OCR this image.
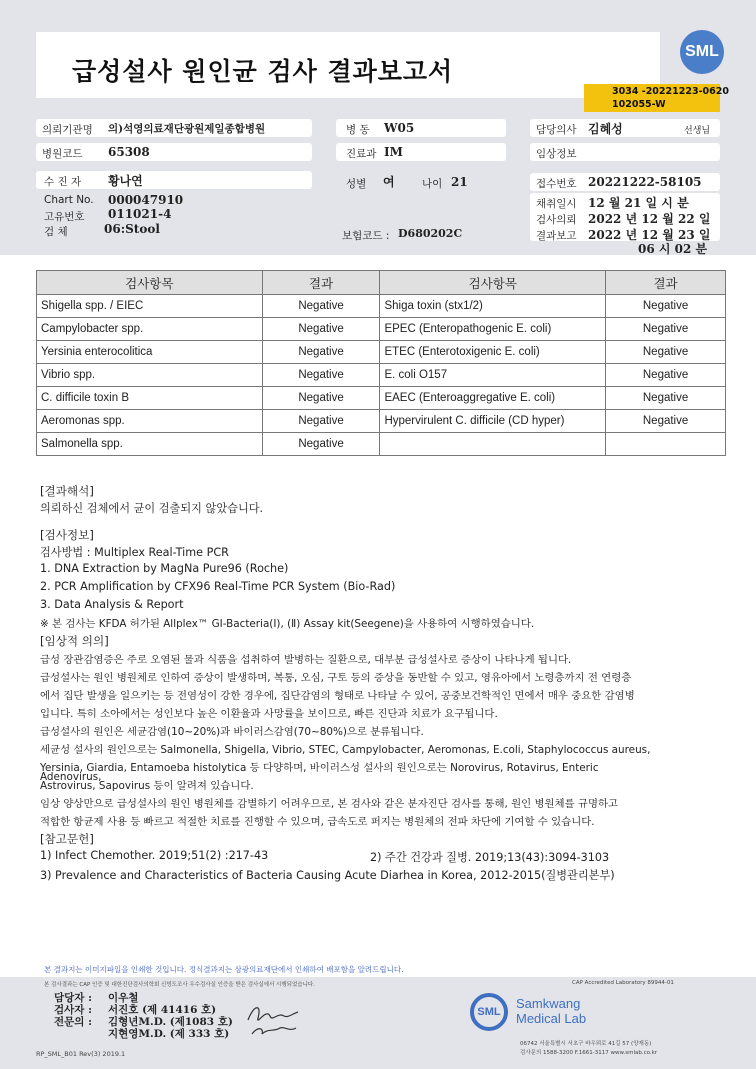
급성설사 원인균 검사 결과보고서
SML
3034 -20221223-0620
102055-W
의뢰기관명 의)석영의료재단광원제일종합병원	병 동 W05	담당의사 김혜성	선생님
병원코드 65308	진료과 IM	임상정보
수 진 자 황나연	성별 여	나이 21	접수번호 20221222-58105
Chart No. 000047910
고유번호 011021-4
검 체	06:Stool	보험코드 : D680202C
채취일시 12 월 21 일 시 분
검사의뢰 2022 년 12 월 22 일
결과보고 2022 년 12 월 23 일
06 시 02 분
검사항목	결과	검사항목	결과
Shigella spp. / EIEC	Negative	Shiga toxin (stx1/2)	Negative
Campylobacter spp.	Negative	EPEC (Enteropathogenic E. coli)	Negative
Yersinia enterocolitica	Negative	ETEC (Enterotoxigenic E. coli)	Negative
Vibrio spp.	Negative	E. coli O157	Negative
C. difficile toxin B	Negative	EAEC (Enteroaggregative E. coli)	Negative
Aeromonas spp.	Negative	Hypervirulent C. difficile (CD hyper)	Negative
Salmonella spp.	Negative		
[결과해석]
의뢰하신 검체에서 균이 검출되지 않았습니다.
[검사정보]
검사방법 : Multiplex Real-Time PCR
1. DNA Extraction by MagNa Pure96 (Roche)
2. PCR Amplification by CFX96 Real-Time PCR System (Bio-Rad)
3. Data Analysis & Report
※ 본 검사는 KFDA 허가된 Allplex™ GI-Bacteria(Ⅰ), (Ⅱ) Assay kit(Seegene)을 사용하여 시행하였습니다.
[임상적 의의]
급성 장관감염증은 주로 오염된 물과 식품을 섭취하여 발병하는 질환으로, 대부분 급성설사로 증상이 나타나게 됩니다.
급성설사는 원인 병원체로 인하여 증상이 발생하며, 복통, 오심, 구토 등의 증상을 동반할 수 있고, 영유아에서 노령층까지 전 연령층
에서 집단 발생을 일으키는 등 전염성이 강한 경우에, 집단감염의 형태로 나타날 수 있어, 공중보건학적인 면에서 매우 중요한 감염병
입니다. 특히 소아에서는 성인보다 높은 이환율과 사망률을 보이므로, 빠른 진단과 치료가 요구됩니다.
급성설사의 원인은 세균감염(10~20%)과 바이러스감염(70~80%)으로 분류됩니다.
세균성 설사의 원인으로는 Salmonella, Shigella, Vibrio, STEC, Campylobacter, Aeromonas, E.coli, Staphylococcus aureus,
Yersinia, Giardia, Entamoeba histolytica 등 다양하며, 바이러스성 설사의 원인으로는 Norovirus, Rotavirus, Enteric
Adenovirus,
Astrovirus, Sapovirus 등이 알려져 있습니다.
임상 양상만으로 급성설사의 원인 병원체를 감별하기 어려우므로, 본 검사와 같은 분자진단 검사를 통해, 원인 병원체를 규명하고
적합한 항균제 사용 등 빠르고 적절한 치료를 진행할 수 있으며, 급속도로 퍼지는 병원체의 전파 차단에 기여할 수 있습니다.
[참고문헌]
1) Infect Chemother. 2019;51(2) :217-43	2) 주간 건강과 질병. 2019;13(43):3094-3103
3) Prevalence and Characteristics of Bacteria Causing Acute Diarhea in Korea, 2012-2015(질병관리본부)
본 결과지는 이미지파일을 인쇄한 것입니다. 정식결과지는 삼광의료재단에서 인쇄하여 배포함을 알려드립니다.
본 검사결과는 CAP 인증 및 대한진단검사의학회 신빙도조사 우수검사실 인증을 받은 검사실에서 시행되었습니다.	CAP Accredited Laboratory 89944-01
담당자 : 이우철
검사자 : 서진호 (제 41416 호)
전문의 : 김형년M.D. (제1083 호)
지현영M.D. (제 333 호)
SML
Samkwang
Medical Lab
06742 서울특별시 서초구 바우뫼로 41길 57 (양재동)
검사문의 1588-3200 F.1661-3117 www.smlab.co.kr
RP_SML_B01 Rev(3) 2019.1
